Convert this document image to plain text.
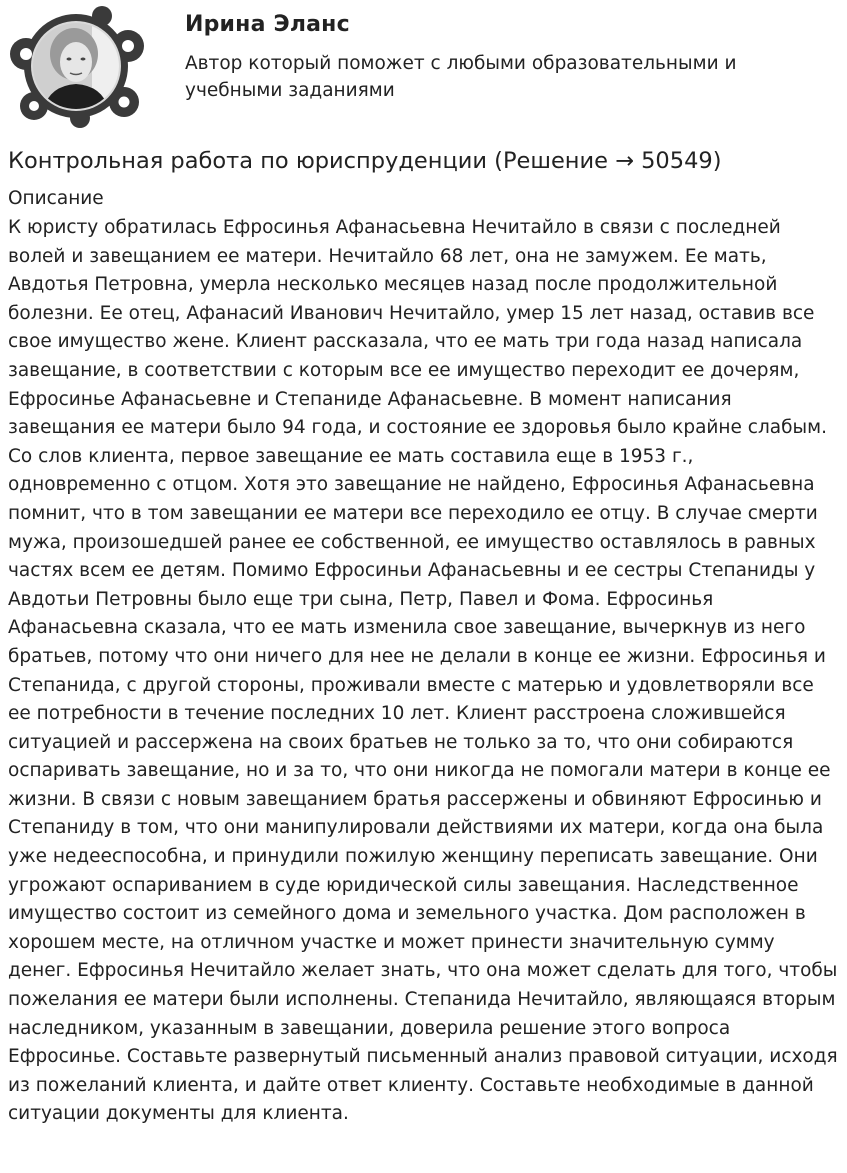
Ирина Эланс
Автор который поможет с любыми образовательными и учебными заданиями
Контрольная работа по юриспруденции (Решение → 50549)
Описание

К юристу обратилась Ефросинья Афанасьевна Нечитайло в связи с последней волей и завещанием ее матери. Нечитайло 68 лет, она не замужем. Ее мать, Авдотья Петровна, умерла несколько месяцев назад после продолжительной болезни. Ее отец, Афанасий Иванович Нечитайло, умер 15 лет назад, оставив все свое имущество жене. Клиент рассказала, что ее мать три года назад написала завещание, в соответствии с которым все ее имущество переходит ее дочерям, Ефросинье Афанасьевне и Степаниде Афанасьевне. В момент написания завещания ее матери было 94 года, и состояние ее здоровья было крайне слабым. Со слов клиента, первое завещание ее мать составила еще в 1953 г., одновременно с отцом. Хотя это завещание не найдено, Ефросинья Афанасьевна помнит, что в том завещании ее матери все переходило ее отцу. В случае смерти мужа, произошедшей ранее ее собственной, ее имущество оставлялось в равных частях всем ее детям. Помимо Ефросиньи Афанасьевны и ее сестры Степаниды у Авдотьи Петровны было еще три сына, Петр, Павел и Фома. Ефросинья Афанасьевна сказала, что ее мать изменила свое завещание, вычеркнув из него братьев, потому что они ничего для нее не делали в конце ее жизни. Ефросинья и Степанида, с другой стороны, проживали вместе с матерью и удовлетворяли все ее потребности в течение последних 10 лет. Клиент расстроена сложившейся ситуацией и рассержена на своих братьев не только за то, что они собираются оспаривать завещание, но и за то, что они никогда не помогали матери в конце ее жизни. В связи с новым завещанием братья рассержены и обвиняют Ефросинью и Степаниду в том, что они манипулировали действиями их матери, когда она была уже недееспособна, и принудили пожилую женщину переписать завещание. Они угрожают оспариванием в суде юридической силы завещания. Наследственное имущество состоит из семейного дома и земельного участка. Дом расположен в хорошем месте, на отличном участке и может принести значительную сумму денег. Ефросинья Нечитайло желает знать, что она может сделать для того, чтобы пожелания ее матери были исполнены. Степанида Нечитайло, являющаяся вторым наследником, указанным в завещании, доверила решение этого вопроса Ефросинье. Составьте развернутый письменный анализ правовой ситуации, исходя из пожеланий клиента, и дайте ответ клиенту. Составьте необходимые в данной ситуации документы для клиента.
